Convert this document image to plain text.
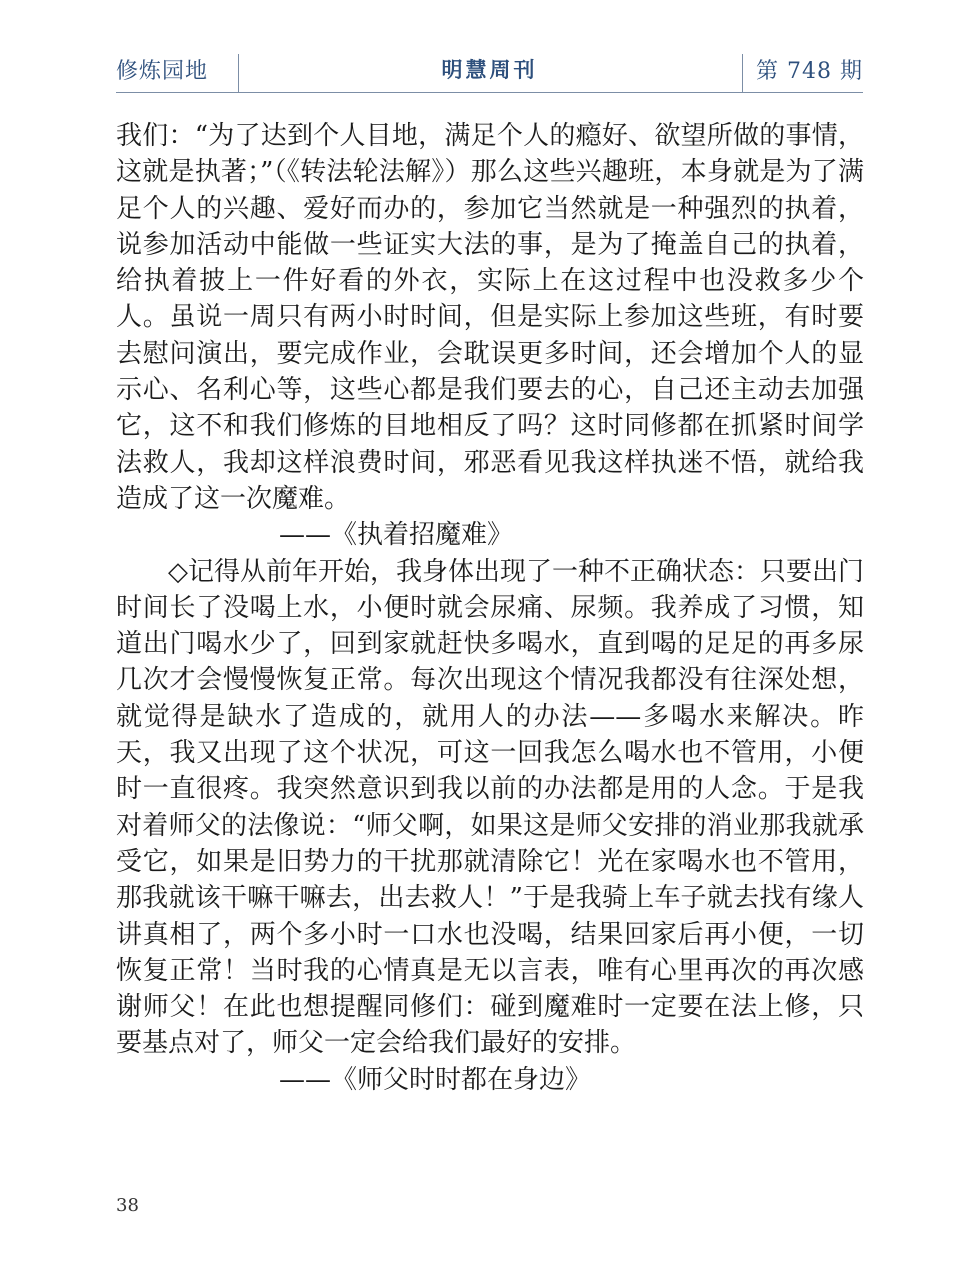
修炼园地	明慧周刊	第 748 期

我们：“为了达到个人目地，满足个人的瘾好、欲望所做的事情，这就是执著；”（《转法轮法解》）那么这些兴趣班，本身就是为了满足个人的兴趣、爱好而办的，参加它当然就是一种强烈的执着，说参加活动中能做一些证实大法的事，是为了掩盖自己的执着，给执着披上一件好看的外衣，实际上在这过程中也没救多少个人。虽说一周只有两小时时间，但是实际上参加这些班，有时要去慰问演出，要完成作业，会耽误更多时间，还会增加个人的显示心、名利心等，这些心都是我们要去的心，自己还主动去加强它，这不和我们修炼的目地相反了吗？这时同修都在抓紧时间学法救人，我却这样浪费时间，邪恶看见我这样执迷不悟，就给我造成了这一次魔难。

——《执着招魔难》

◇记得从前年开始，我身体出现了一种不正确状态：只要出门时间长了没喝上水，小便时就会尿痛、尿频。我养成了习惯，知道出门喝水少了，回到家就赶快多喝水，直到喝的足足的再多尿几次才会慢慢恢复正常。每次出现这个情况我都没有往深处想，就觉得是缺水了造成的，就用人的办法——多喝水来解决。昨天，我又出现了这个状况，可这一回我怎么喝水也不管用，小便时一直很疼。我突然意识到我以前的办法都是用的人念。于是我对着师父的法像说：“师父啊，如果这是师父安排的消业那我就承受它，如果是旧势力的干扰那就清除它！光在家喝水也不管用，那我就该干嘛干嘛去，出去救人！”于是我骑上车子就去找有缘人讲真相了，两个多小时一口水也没喝，结果回家后再小便，一切恢复正常！当时我的心情真是无以言表，唯有心里再次的再次感谢师父！在此也想提醒同修们：碰到魔难时一定要在法上修，只要基点对了，师父一定会给我们最好的安排。

——《师父时时都在身边》

38
